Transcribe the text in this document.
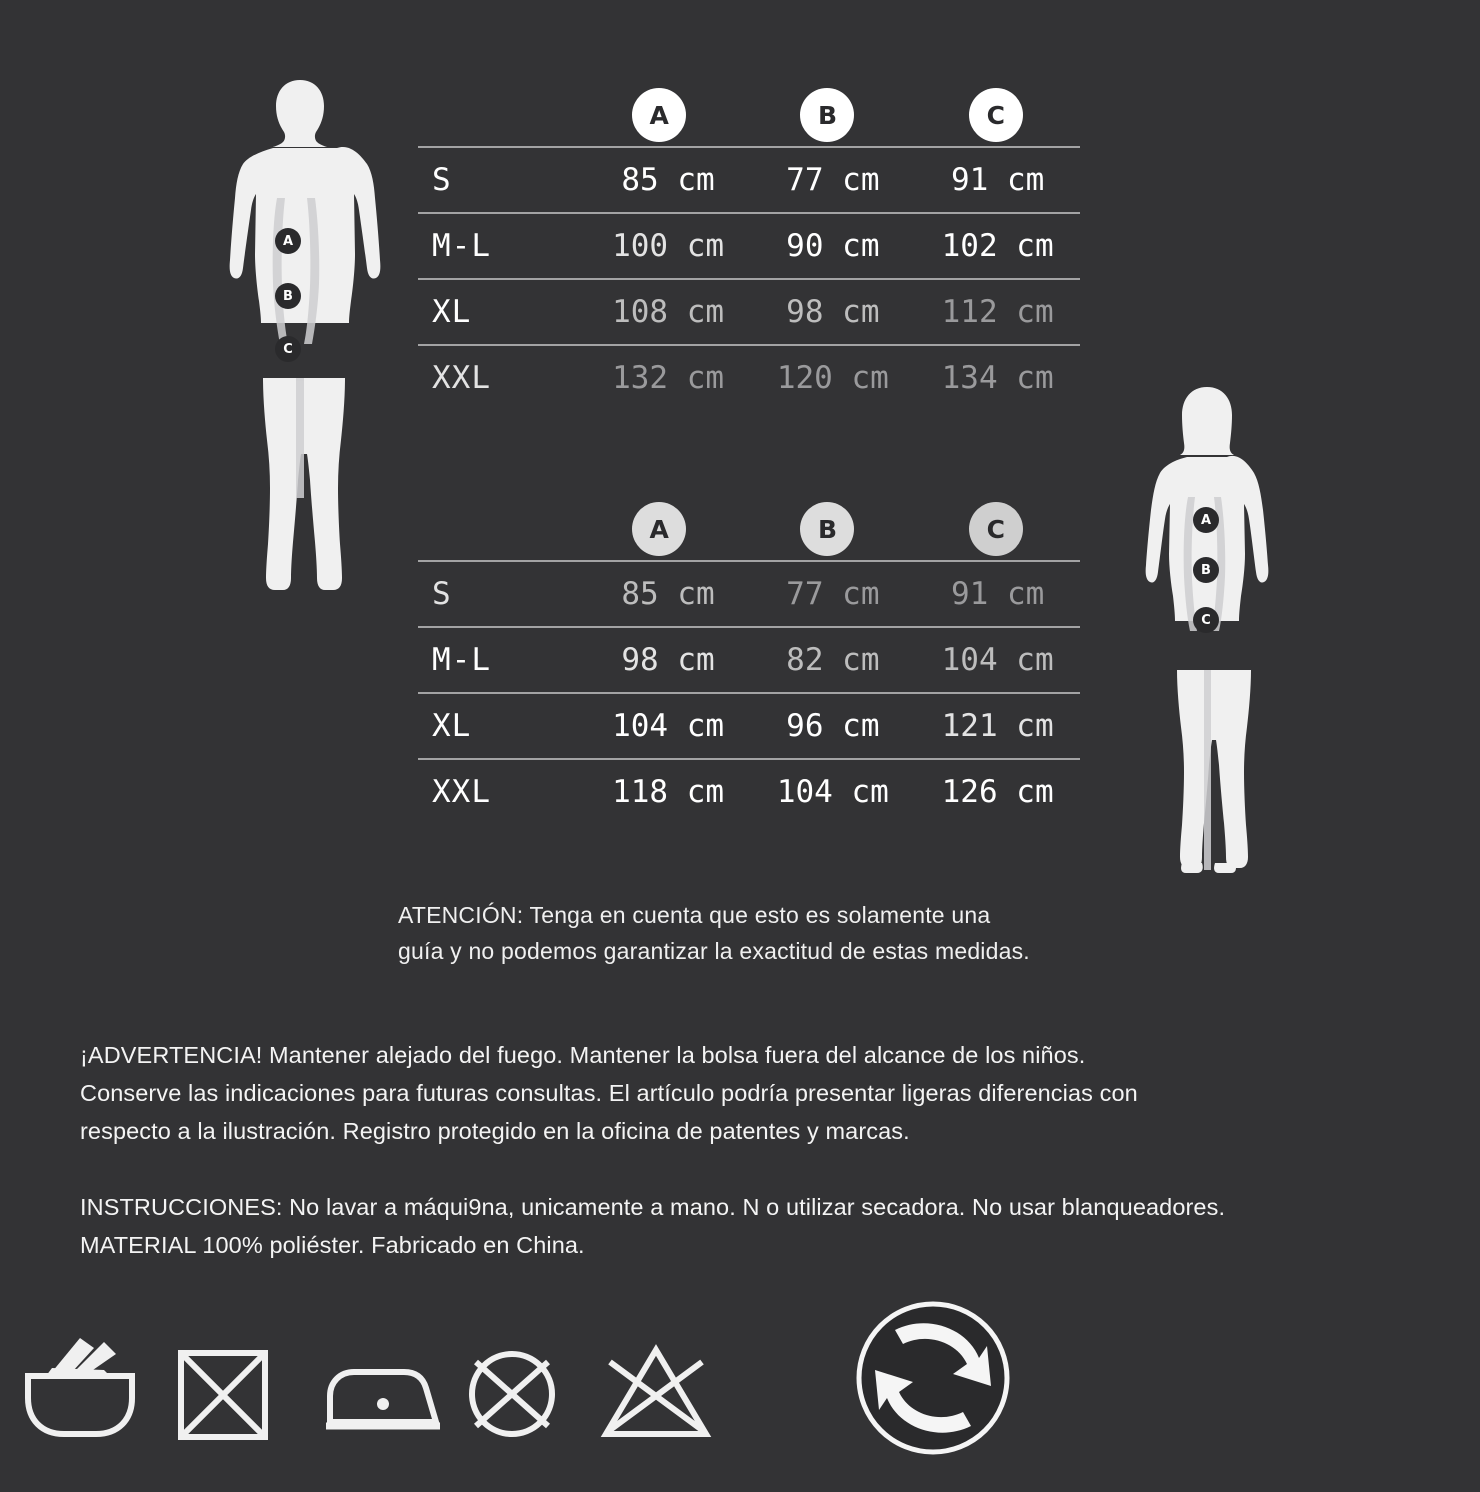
A
B
C
A
B
C
A	B	C
S	85 cm	77 cm	91 cm
M-L	100 cm	90 cm	102 cm
XL	108 cm	98 cm	112 cm
XXL	132 cm	120 cm	134 cm
A	B	C
S	85 cm	77 cm	91 cm
M-L	98 cm	82 cm	104 cm
XL	104 cm	96 cm	121 cm
XXL	118 cm	104 cm	126 cm
ATENCIÓN: Tenga en cuenta que esto es solamente una
guía y no podemos garantizar la exactitud de estas medidas.
¡ADVERTENCIA! Mantener alejado del fuego. Mantener la bolsa fuera del alcance de los niños.
Conserve las indicaciones para futuras consultas. El artículo podría presentar ligeras diferencias con
respecto a la ilustración. Registro protegido en la oficina de patentes y marcas.
INSTRUCCIONES: No lavar a máqui9na, unicamente a mano. N o utilizar secadora. No usar blanqueadores.
MATERIAL 100% poliéster. Fabricado en China.
